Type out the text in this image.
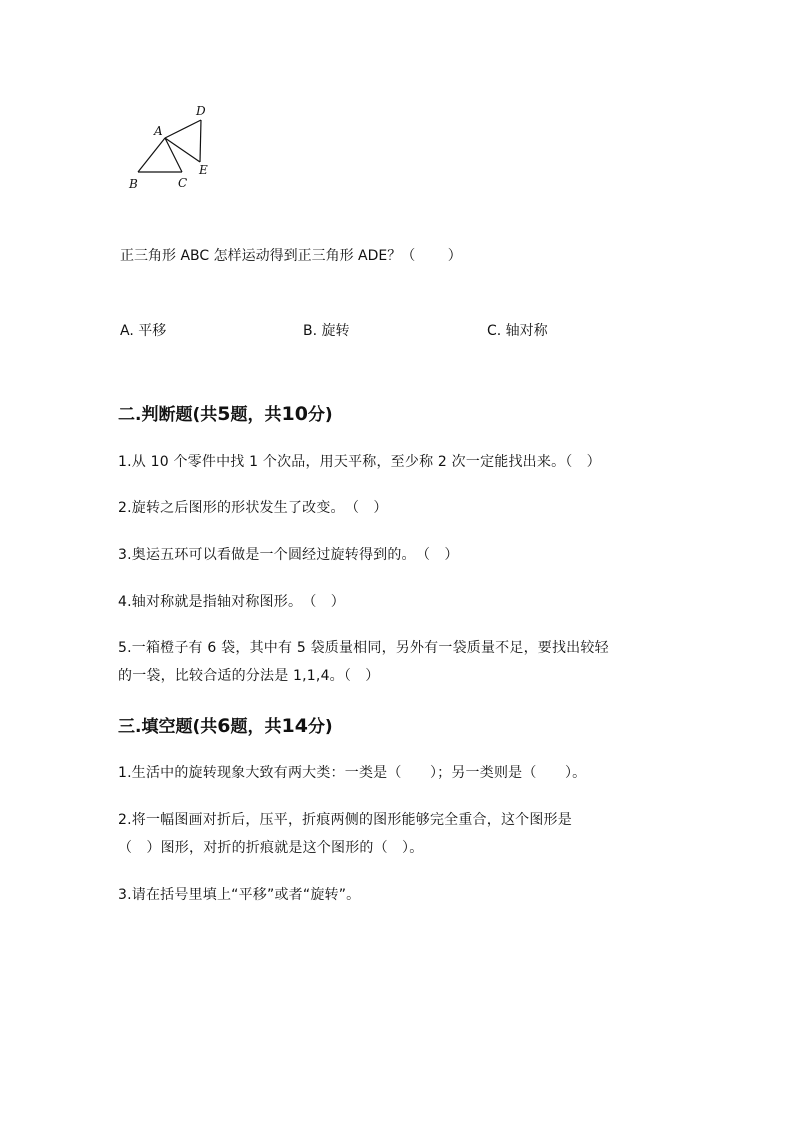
A
B	C
D
E
正三角形 ABC 怎样运动得到正三角形 ADE？（　　 ）
A. 平移	B. 旋转	C. 轴对称
二.判断题(共5题，共10分)
1.从 10 个零件中找 1 个次品，用天平称，至少称 2 次一定能找出来。（　）
2.旋转之后图形的形状发生了改变。　（　）
3.奥运五环可以看做是一个圆经过旋转得到的。　（　）
4.轴对称就是指轴对称图形。　（　）
5.一箱橙子有 6 袋，其中有 5 袋质量相同，另外有一袋质量不足，要找出较轻
的一袋，比较合适的分法是 1,1,4。（　）
三.填空题(共6题，共14分)
1.生活中的旋转现象大致有两大类：一类是（　　）；另一类则是（　　）。
2.将一幅图画对折后，压平，折痕两侧的图形能够完全重合，这个图形是
（　）图形，对折的折痕就是这个图形的（　）。
3.请在括号里填上“平移”或者“旋转”。
